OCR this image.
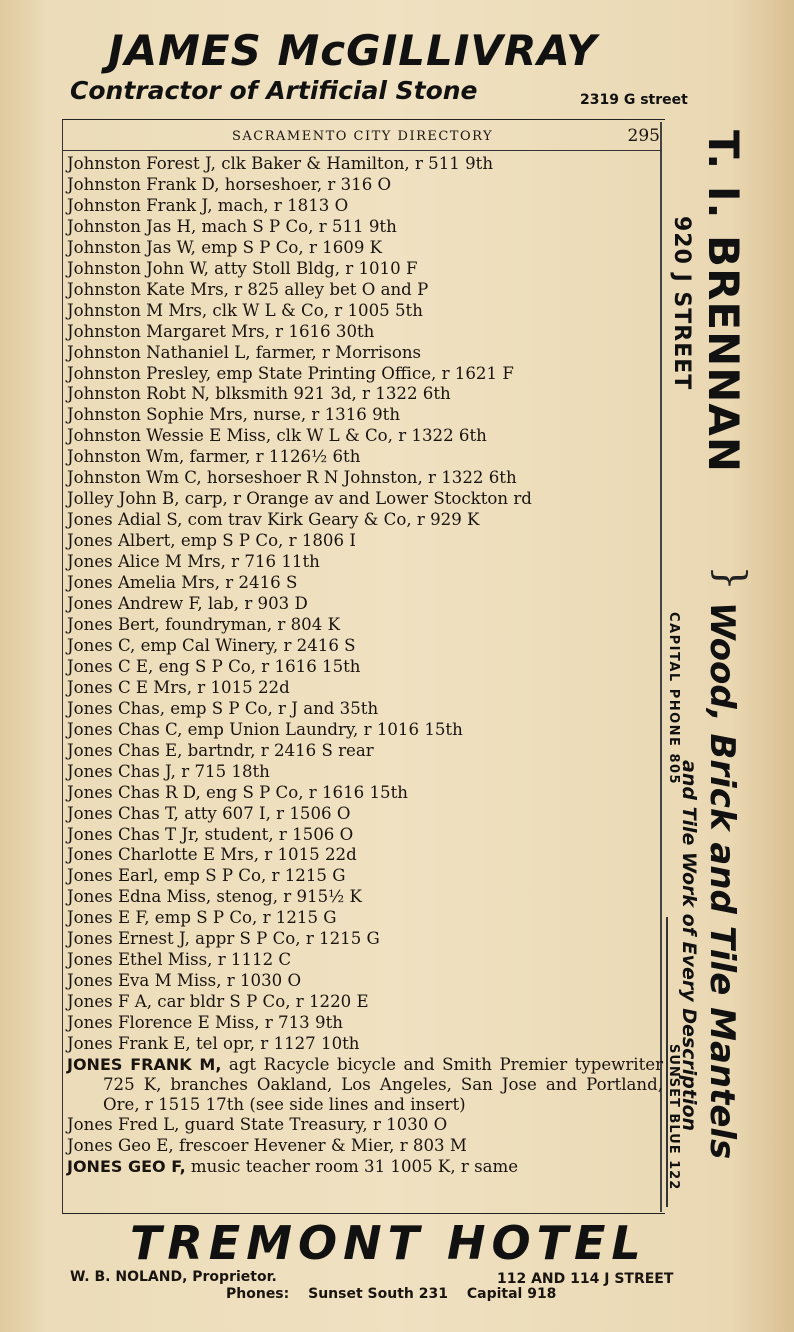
JAMES McGILLIVRAY
Contractor of Artificial Stone	2319 G street
SACRAMENTO CITY DIRECTORY	295
Johnston Forest J, clk Baker & Hamilton, r 511 9th
Johnston Frank D, horseshoer, r 316 O
Johnston Frank J, mach, r 1813 O
Johnston Jas H, mach S P Co, r 511 9th
Johnston Jas W, emp S P Co, r 1609 K
Johnston John W, atty Stoll Bldg, r 1010 F
Johnston Kate Mrs, r 825 alley bet O and P
Johnston M Mrs, clk W L & Co, r 1005 5th
Johnston Margaret Mrs, r 1616 30th
Johnston Nathaniel L, farmer, r Morrisons
Johnston Presley, emp State Printing Office, r 1621 F
Johnston Robt N, blksmith 921 3d, r 1322 6th
Johnston Sophie Mrs, nurse, r 1316 9th
Johnston Wessie E Miss, clk W L & Co, r 1322 6th
Johnston Wm, farmer, r 1126½ 6th
Johnston Wm C, horseshoer R N Johnston, r 1322 6th
Jolley John B, carp, r Orange av and Lower Stockton rd
Jones Adial S, com trav Kirk Geary & Co, r 929 K
Jones Albert, emp S P Co, r 1806 I
Jones Alice M Mrs, r 716 11th
Jones Amelia Mrs, r 2416 S
Jones Andrew F, lab, r 903 D
Jones Bert, foundryman, r 804 K
Jones C, emp Cal Winery, r 2416 S
Jones C E, eng S P Co, r 1616 15th
Jones C E Mrs, r 1015 22d
Jones Chas, emp S P Co, r J and 35th
Jones Chas C, emp Union Laundry, r 1016 15th
Jones Chas E, bartndr, r 2416 S rear
Jones Chas J, r 715 18th
Jones Chas R D, eng S P Co, r 1616 15th
Jones Chas T, atty 607 I, r 1506 O
Jones Chas T Jr, student, r 1506 O
Jones Charlotte E Mrs, r 1015 22d
Jones Earl, emp S P Co, r 1215 G
Jones Edna Miss, stenog, r 915½ K
Jones E F, emp S P Co, r 1215 G
Jones Ernest J, appr S P Co, r 1215 G
Jones Ethel Miss, r 1112 C
Jones Eva M Miss, r 1030 O
Jones F A, car bldr S P Co, r 1220 E
Jones Florence E Miss, r 713 9th
Jones Frank E, tel opr, r 1127 10th
JONES FRANK M, agt Racycle bicycle and Smith Premier typewriter 725 K, branches Oakland, Los Angeles, San Jose and Portland, Ore, r 1515 17th (see side lines and insert)
Jones Fred L, guard State Treasury, r 1030 O
Jones Geo E, frescoer Hevener & Mier, r 803 M
JONES GEO F, music teacher room 31 1005 K, r same
T. I. BRENNAN
920 J STREET
}
Wood, Brick and Tile Mantels
and Tile Work of Every Description
CAPITAL PHONE 805
SUNSET BLUE 122
TREMONT HOTEL
W. B. NOLAND, Proprietor.	112 AND 114 J STREET
Phones: Sunset South 231 Capital 918
